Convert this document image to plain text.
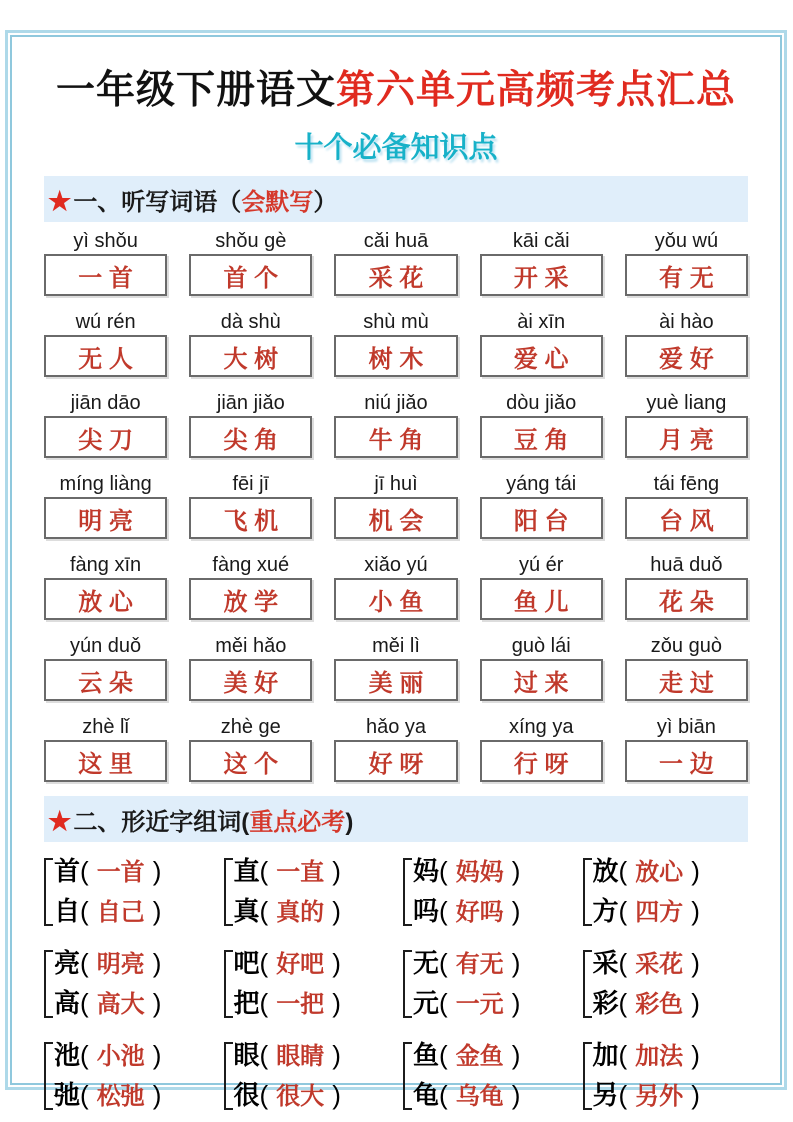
一年级下册语文第六单元高频考点汇总
十个必备知识点
★一、听写词语（会默写）
yì shǒu
一 首
shǒu gè
首 个
cǎi huā
采 花
kāi cǎi
开 采
yǒu wú
有 无
wú rén
无 人
dà shù
大 树
shù mù
树 木
ài xīn
爱 心
ài hào
爱 好
jiān dāo
尖 刀
jiān jiǎo
尖 角
niú jiǎo
牛 角
dòu jiǎo
豆 角
yuè liang
月 亮
míng liàng
明 亮
fēi jī
飞 机
jī huì
机 会
yáng tái
阳 台
tái fēng
台 风
fàng xīn
放 心
fàng xué
放 学
xiǎo yú
小 鱼
yú ér
鱼 儿
huā duǒ
花 朵
yún duǒ
云 朵
měi hǎo
美 好
měi lì
美 丽
guò lái
过 来
zǒu guò
走 过
zhè lǐ
这 里
zhè ge
这 个
hǎo ya
好 呀
xíng ya
行 呀
yì biān
一 边
★二、形近字组词(重点必考)
首( 一首 )
自( 自己 )
直( 一直 )
真( 真的 )
妈( 妈妈 )
吗( 好吗 )
放( 放心 )
方( 四方 )
亮( 明亮 )
高( 高大 )
吧( 好吧 )
把( 一把 )
无( 有无 )
元( 一元 )
采( 采花 )
彩( 彩色 )
池( 小池 )
弛( 松弛 )
眼( 眼睛 )
很( 很大 )
鱼( 金鱼 )
龟( 乌龟 )
加( 加法 )
另( 另外 )
